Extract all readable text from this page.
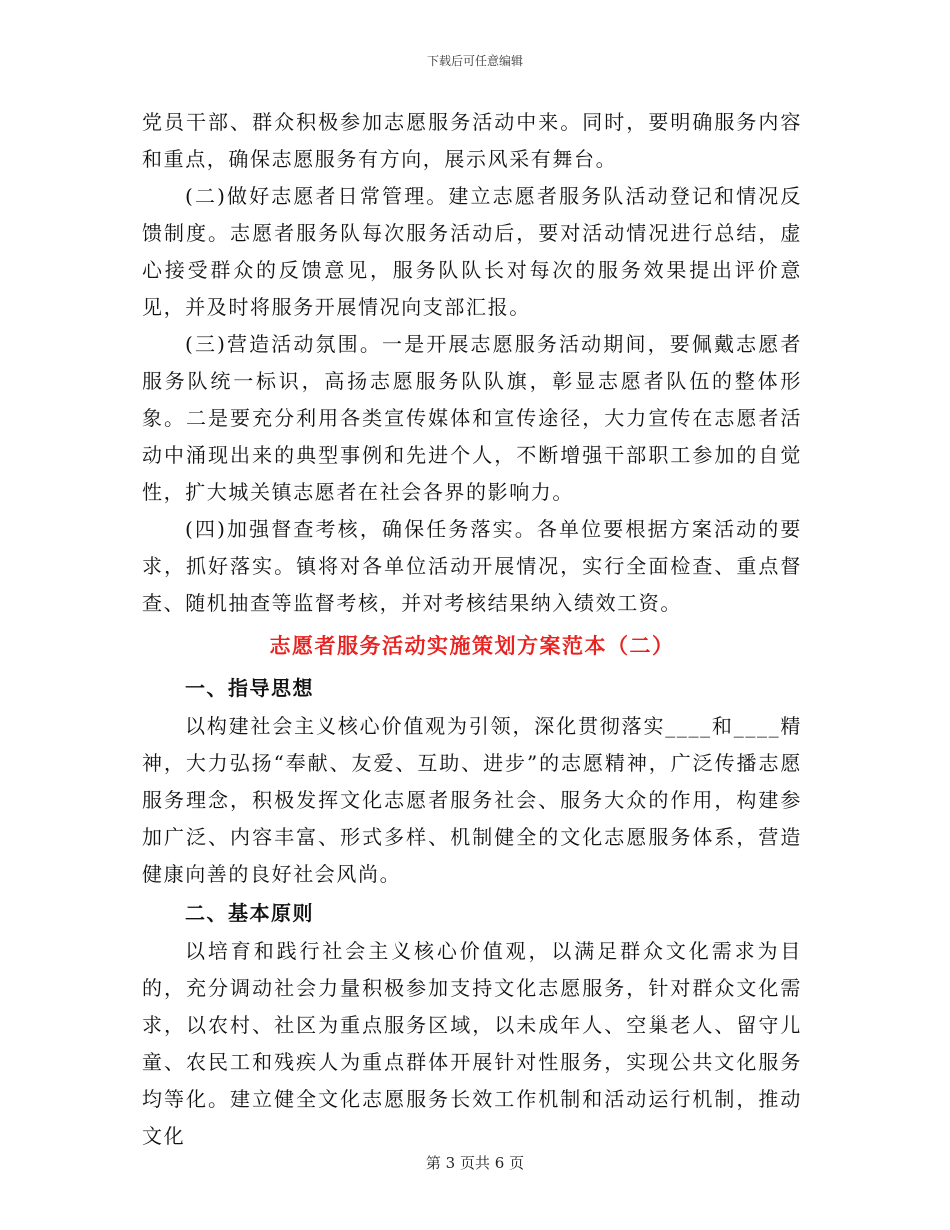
下载后可任意编辑

党员干部、群众积极参加志愿服务活动中来。同时，要明确服务内容和重点，确保志愿服务有方向，展示风采有舞台。

(二)做好志愿者日常管理。建立志愿者服务队活动登记和情况反馈制度。志愿者服务队每次服务活动后，要对活动情况进行总结，虚心接受群众的反馈意见，服务队队长对每次的服务效果提出评价意见，并及时将服务开展情况向支部汇报。

(三)营造活动氛围。一是开展志愿服务活动期间，要佩戴志愿者服务队统一标识，高扬志愿服务队队旗，彰显志愿者队伍的整体形象。二是要充分利用各类宣传媒体和宣传途径，大力宣传在志愿者活动中涌现出来的典型事例和先进个人，不断增强干部职工参加的自觉性，扩大城关镇志愿者在社会各界的影响力。

(四)加强督查考核，确保任务落实。各单位要根据方案活动的要求，抓好落实。镇将对各单位活动开展情况，实行全面检查、重点督查、随机抽查等监督考核，并对考核结果纳入绩效工资。

志愿者服务活动实施策划方案范本（二）
一、指导思想

以构建社会主义核心价值观为引领，深化贯彻落实____和____精神，大力弘扬“奉献、友爱、互助、进步”的志愿精神，广泛传播志愿服务理念，积极发挥文化志愿者服务社会、服务大众的作用，构建参加广泛、内容丰富、形式多样、机制健全的文化志愿服务体系，营造健康向善的良好社会风尚。

二、基本原则

以培育和践行社会主义核心价值观，以满足群众文化需求为目的，充分调动社会力量积极参加支持文化志愿服务，针对群众文化需求，以农村、社区为重点服务区域，以未成年人、空巢老人、留守儿童、农民工和残疾人为重点群体开展针对性服务，实现公共文化服务均等化。建立健全文化志愿服务长效工作机制和活动运行机制，推动文化

第 3 页共 6 页
